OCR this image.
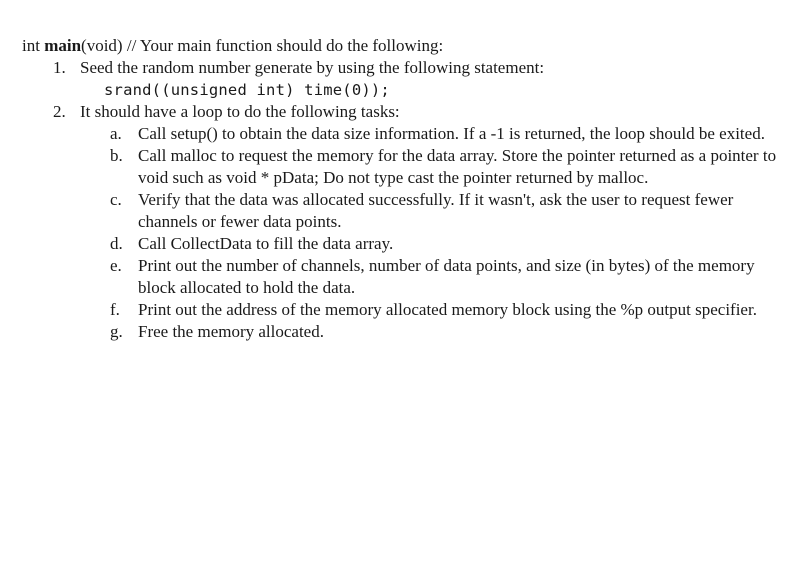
int main(void) // Your main function should do the following:

1. Seed the random number generate by using the following statement:
srand((unsigned int) time(0));
2. It should have a loop to do the following tasks:
a. Call setup() to obtain the data size information. If a -1 is returned, the loop should be exited.
b. Call malloc to request the memory for the data array. Store the pointer returned as a pointer to void such as void * pData; Do not type cast the pointer returned by malloc.
c. Verify that the data was allocated successfully. If it wasn't, ask the user to request fewer channels or fewer data points.
d. Call CollectData to fill the data array.
e. Print out the number of channels, number of data points, and size (in bytes) of the memory block allocated to hold the data.
f. Print out the address of the memory allocated memory block using the %p output specifier.
g. Free the memory allocated.
